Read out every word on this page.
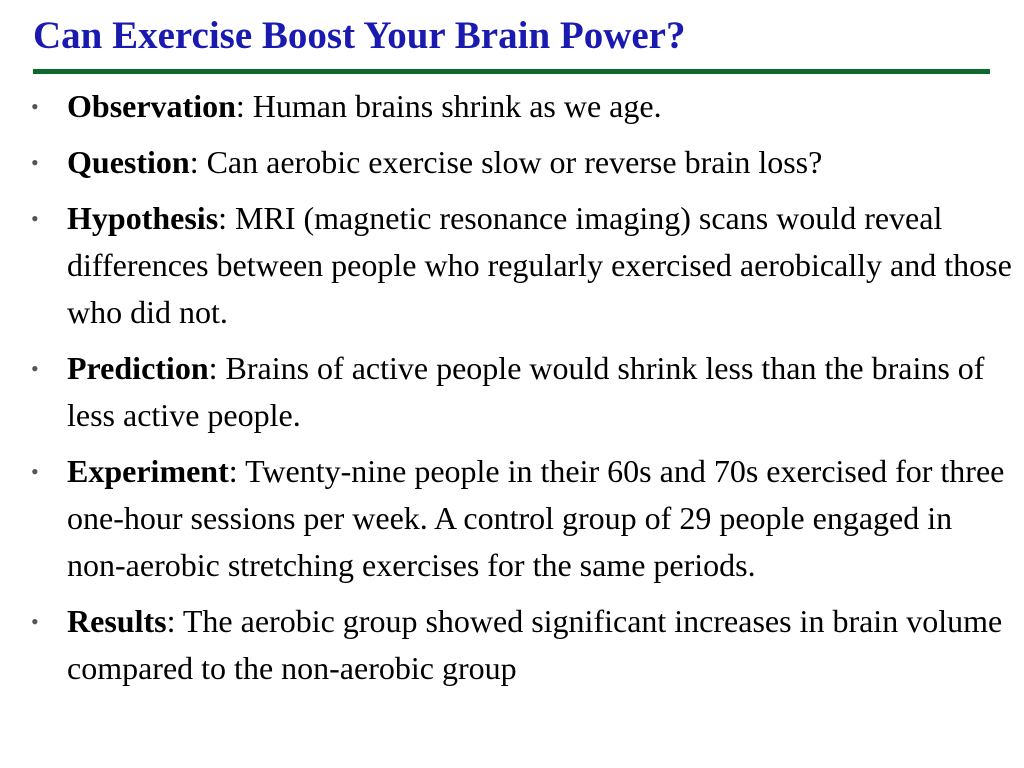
Can Exercise Boost Your Brain Power?
• Observation: Human brains shrink as we age.
• Question: Can aerobic exercise slow or reverse brain loss?
• Hypothesis: MRI (magnetic resonance imaging) scans would reveal differences between people who regularly exercised aerobically and those who did not.
• Prediction: Brains of active people would shrink less than the brains of less active people.
• Experiment: Twenty-nine people in their 60s and 70s exercised for three one-hour sessions per week. A control group of 29 people engaged in non-aerobic stretching exercises for the same periods.
• Results: The aerobic group showed significant increases in brain volume compared to the non-aerobic group
